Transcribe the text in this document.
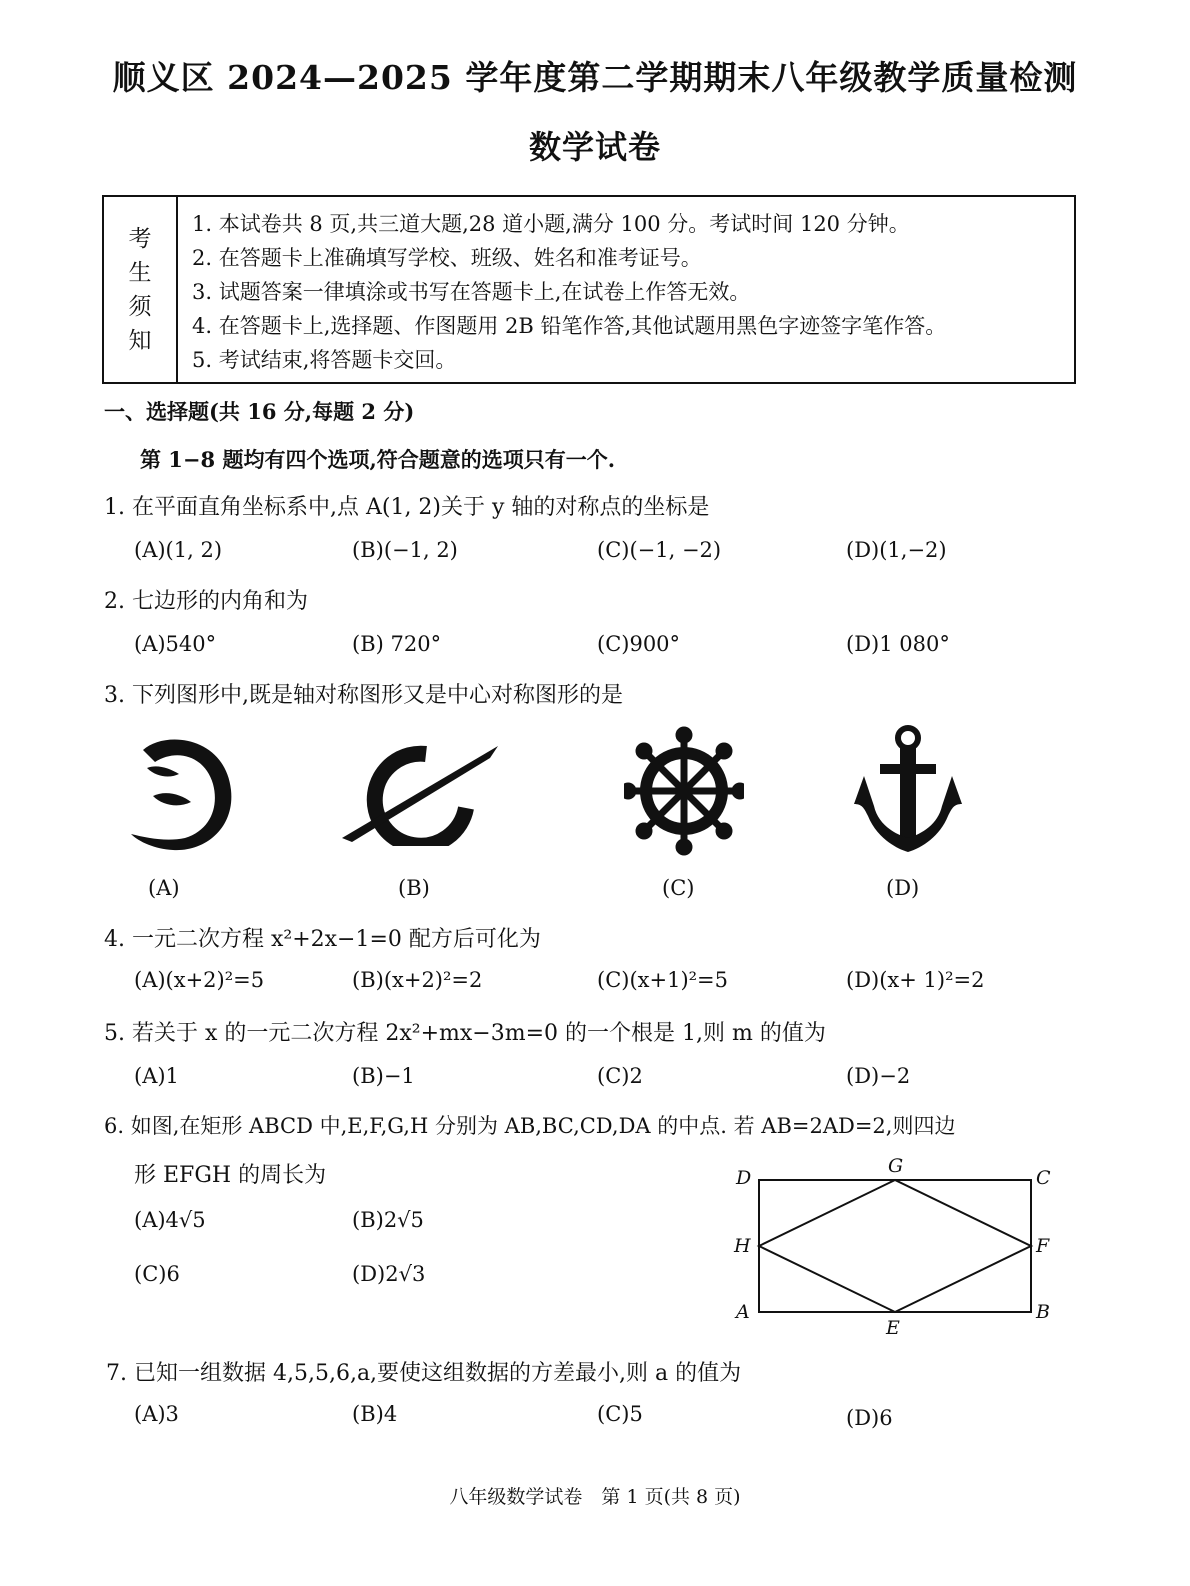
顺义区 2024—2025 学年度第二学期期末八年级教学质量检测
数学试卷
考
生
须
知
1. 本试卷共 8 页,共三道大题,28 道小题,满分 100 分。考试时间 120 分钟。
2. 在答题卡上准确填写学校、班级、姓名和准考证号。
3. 试题答案一律填涂或书写在答题卡上,在试卷上作答无效。
4. 在答题卡上,选择题、作图题用 2B 铅笔作答,其他试题用黑色字迹签字笔作答。
5. 考试结束,将答题卡交回。
一、选择题(共 16 分,每题 2 分)
第 1−8 题均有四个选项,符合题意的选项只有一个.
1. 在平面直角坐标系中,点 A(1, 2)关于 y 轴的对称点的坐标是
(A)(1, 2)	(B)(−1, 2)	(C)(−1, −2)	(D)(1,−2)
2. 七边形的内角和为
(A)540°	(B) 720°	(C)900°	(D)1 080°
3. 下列图形中,既是轴对称图形又是中心对称图形的是
(A)	(B)	(C)	(D)
4. 一元二次方程 x²+2x−1=0 配方后可化为
(A)(x+2)²=5	(B)(x+2)²=2	(C)(x+1)²=5	(D)(x+ 1)²=2
5. 若关于 x 的一元二次方程 2x²+mx−3m=0 的一个根是 1,则 m 的值为
(A)1	(B)−1	(C)2	(D)−2
6. 如图,在矩形 ABCD 中,E,F,G,H 分别为 AB,BC,CD,DA 的中点. 若 AB=2AD=2,则四边
形 EFGH 的周长为
(A)4√5	(B)2√5
(C)6	(D)2√3
D	C
G
H	F
A	B
E
7. 已知一组数据 4,5,5,6,a,要使这组数据的方差最小,则 a 的值为
(A)3	(B)4	(C)5	(D)6
八年级数学试卷　第 1 页(共 8 页)
